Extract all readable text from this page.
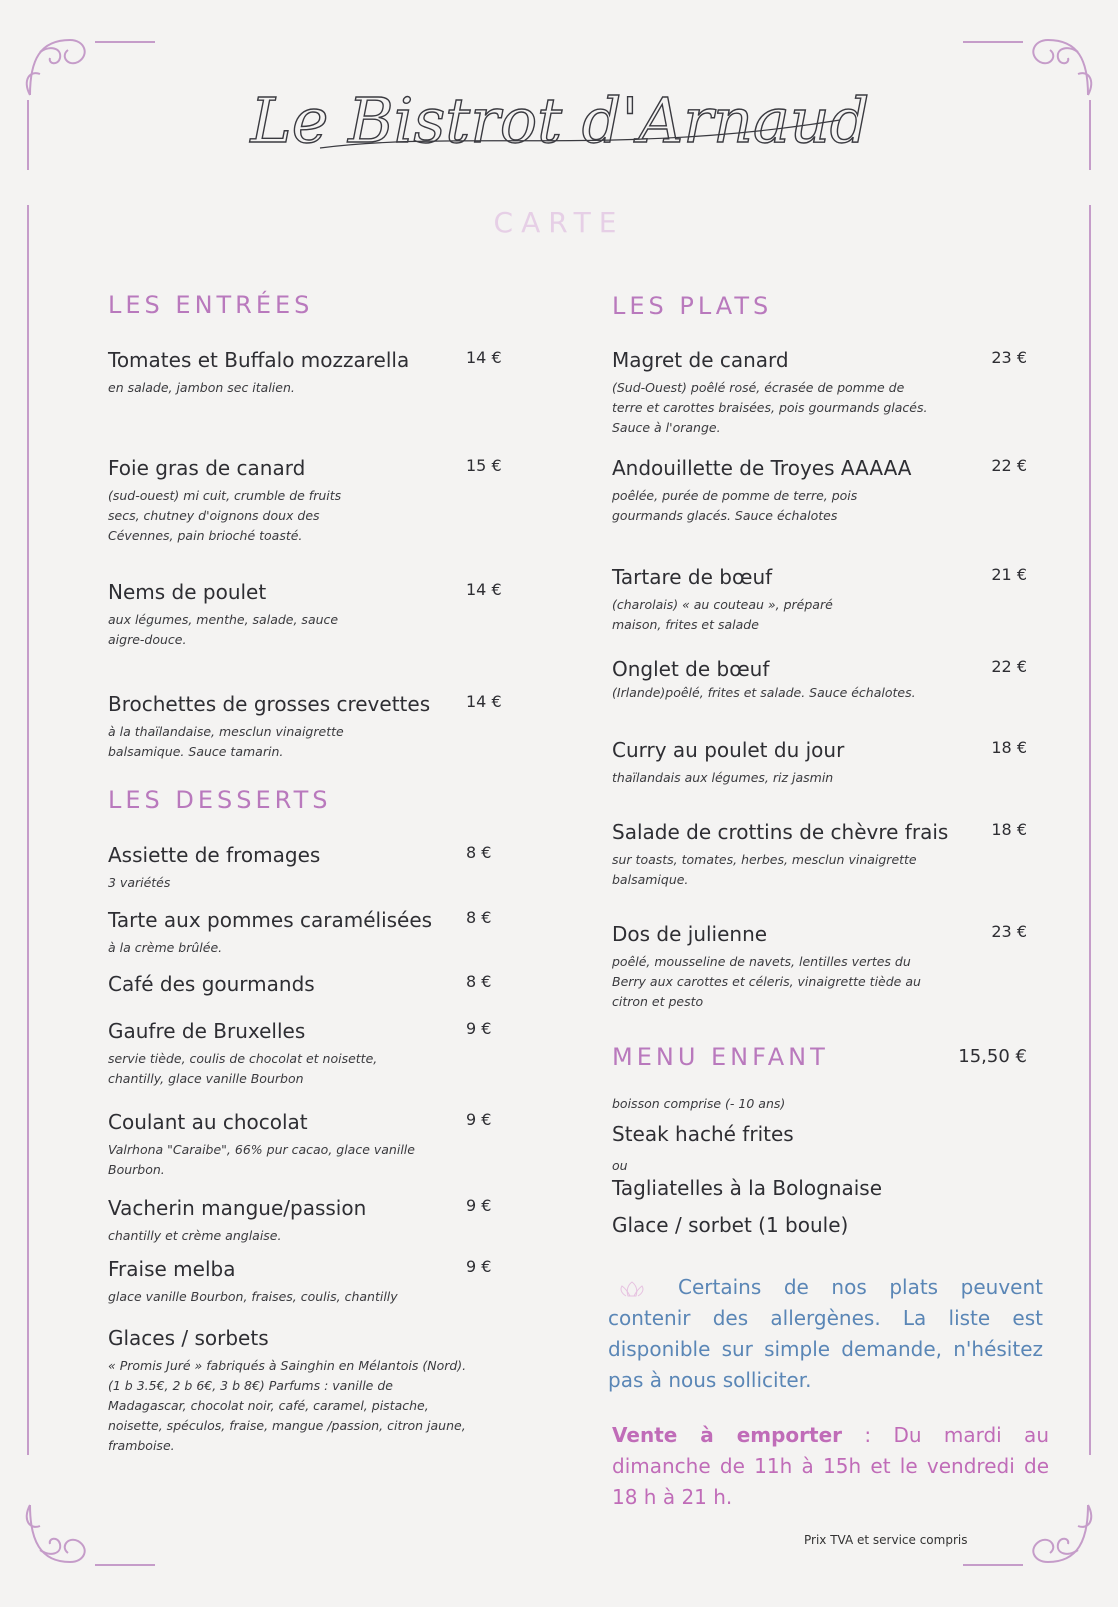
Le Bistrot d'Arnaud
CARTE
LES ENTRÉES
Tomates et Buffalo mozzarella	14 €
en salade, jambon sec italien.
Foie gras de canard	15 €
(sud-ouest) mi cuit, crumble de fruits secs, chutney d'oignons doux des Cévennes, pain brioché toasté.
Nems de poulet	14 €
aux légumes, menthe, salade, sauce aigre-douce.
Brochettes de grosses crevettes	14 €
à la thaïlandaise, mesclun vinaigrette balsamique. Sauce tamarin.
LES DESSERTS
Assiette de fromages	8 €
3 variétés
Tarte aux pommes caramélisées	8 €
à la crème brûlée.
Café des gourmands	8 €
Gaufre de Bruxelles	9 €
servie tiède, coulis de chocolat et noisette, chantilly, glace vanille Bourbon
Coulant au chocolat	9 €
Valrhona "Caraibe", 66% pur cacao, glace vanille Bourbon.
Vacherin mangue/passion	9 €
chantilly et crème anglaise.
Fraise melba	9 €
glace vanille Bourbon, fraises, coulis, chantilly
Glaces / sorbets
« Promis Juré » fabriqués à Sainghin en Mélantois (Nord). (1 b 3.5€, 2 b 6€, 3 b 8€) Parfums : vanille de Madagascar, chocolat noir, café, caramel, pistache, noisette, spéculos, fraise, mangue /passion, citron jaune, framboise.
LES PLATS
Magret de canard	23 €
(Sud-Ouest) poêlé rosé, écrasée de pomme de terre et carottes braisées, pois gourmands glacés. Sauce à l'orange.
Andouillette de Troyes AAAAA	22 €
poêlée, purée de pomme de terre, pois gourmands glacés. Sauce échalotes
Tartare de bœuf	21 €
(charolais) « au couteau », préparé maison, frites et salade
Onglet de bœuf	22 €
(Irlande)poêlé, frites et salade. Sauce échalotes.
Curry au poulet du jour	18 €
thaïlandais aux légumes, riz jasmin
Salade de crottins de chèvre frais	18 €
sur toasts, tomates, herbes, mesclun vinaigrette balsamique.
Dos de julienne	23 €
poêlé, mousseline de navets, lentilles vertes du Berry aux carottes et céleris, vinaigrette tiède au citron et pesto
MENU ENFANT	15,50 €
boisson comprise (- 10 ans)
Steak haché frites
ou
Tagliatelles à la Bolognaise
Glace / sorbet (1 boule)
Certains de nos plats peuvent contenir des allergènes. La liste est disponible sur simple demande, n'hésitez pas à nous solliciter.
Vente à emporter : Du mardi au dimanche de 11h à 15h et le vendredi de 18 h à 21 h.
Prix TVA et service compris
